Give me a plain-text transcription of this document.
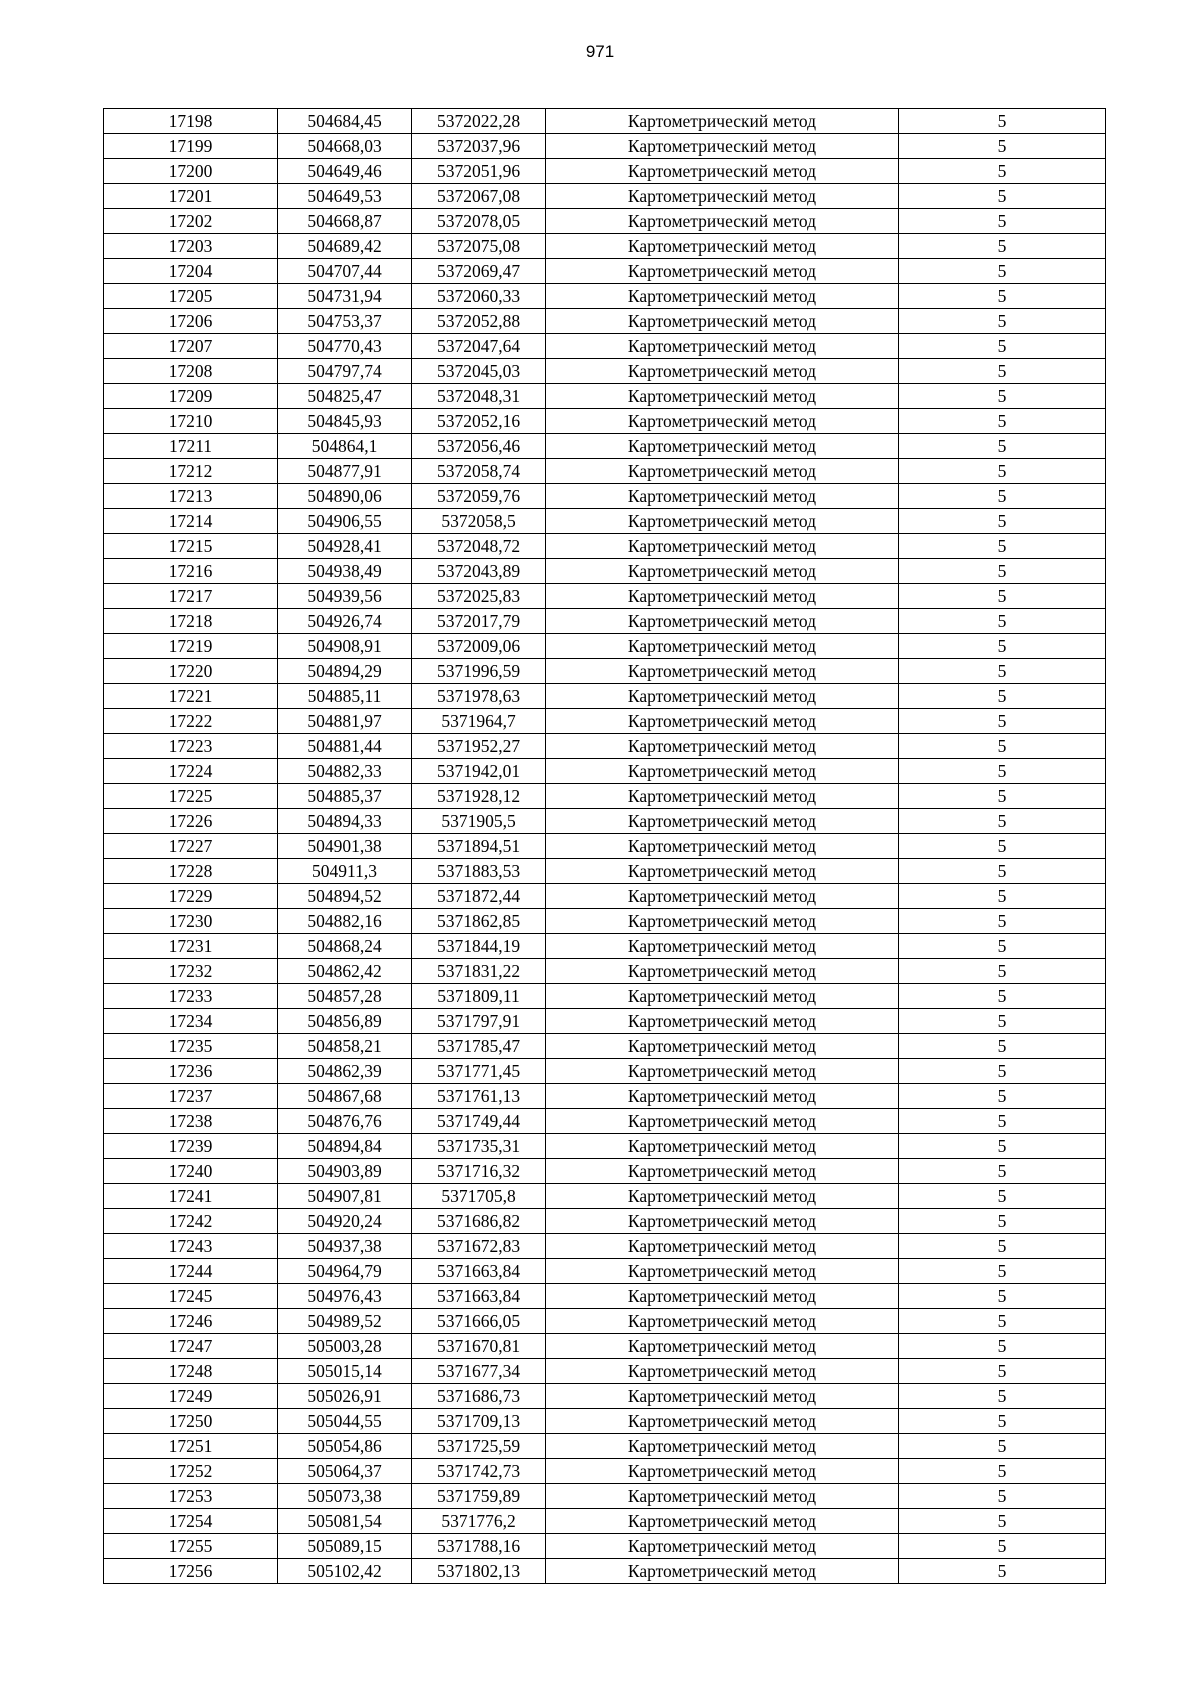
971
17198	504684,45	5372022,28	Картометрический метод	5
17199	504668,03	5372037,96	Картометрический метод	5
17200	504649,46	5372051,96	Картометрический метод	5
17201	504649,53	5372067,08	Картометрический метод	5
17202	504668,87	5372078,05	Картометрический метод	5
17203	504689,42	5372075,08	Картометрический метод	5
17204	504707,44	5372069,47	Картометрический метод	5
17205	504731,94	5372060,33	Картометрический метод	5
17206	504753,37	5372052,88	Картометрический метод	5
17207	504770,43	5372047,64	Картометрический метод	5
17208	504797,74	5372045,03	Картометрический метод	5
17209	504825,47	5372048,31	Картометрический метод	5
17210	504845,93	5372052,16	Картометрический метод	5
17211	504864,1	5372056,46	Картометрический метод	5
17212	504877,91	5372058,74	Картометрический метод	5
17213	504890,06	5372059,76	Картометрический метод	5
17214	504906,55	5372058,5	Картометрический метод	5
17215	504928,41	5372048,72	Картометрический метод	5
17216	504938,49	5372043,89	Картометрический метод	5
17217	504939,56	5372025,83	Картометрический метод	5
17218	504926,74	5372017,79	Картометрический метод	5
17219	504908,91	5372009,06	Картометрический метод	5
17220	504894,29	5371996,59	Картометрический метод	5
17221	504885,11	5371978,63	Картометрический метод	5
17222	504881,97	5371964,7	Картометрический метод	5
17223	504881,44	5371952,27	Картометрический метод	5
17224	504882,33	5371942,01	Картометрический метод	5
17225	504885,37	5371928,12	Картометрический метод	5
17226	504894,33	5371905,5	Картометрический метод	5
17227	504901,38	5371894,51	Картометрический метод	5
17228	504911,3	5371883,53	Картометрический метод	5
17229	504894,52	5371872,44	Картометрический метод	5
17230	504882,16	5371862,85	Картометрический метод	5
17231	504868,24	5371844,19	Картометрический метод	5
17232	504862,42	5371831,22	Картометрический метод	5
17233	504857,28	5371809,11	Картометрический метод	5
17234	504856,89	5371797,91	Картометрический метод	5
17235	504858,21	5371785,47	Картометрический метод	5
17236	504862,39	5371771,45	Картометрический метод	5
17237	504867,68	5371761,13	Картометрический метод	5
17238	504876,76	5371749,44	Картометрический метод	5
17239	504894,84	5371735,31	Картометрический метод	5
17240	504903,89	5371716,32	Картометрический метод	5
17241	504907,81	5371705,8	Картометрический метод	5
17242	504920,24	5371686,82	Картометрический метод	5
17243	504937,38	5371672,83	Картометрический метод	5
17244	504964,79	5371663,84	Картометрический метод	5
17245	504976,43	5371663,84	Картометрический метод	5
17246	504989,52	5371666,05	Картометрический метод	5
17247	505003,28	5371670,81	Картометрический метод	5
17248	505015,14	5371677,34	Картометрический метод	5
17249	505026,91	5371686,73	Картометрический метод	5
17250	505044,55	5371709,13	Картометрический метод	5
17251	505054,86	5371725,59	Картометрический метод	5
17252	505064,37	5371742,73	Картометрический метод	5
17253	505073,38	5371759,89	Картометрический метод	5
17254	505081,54	5371776,2	Картометрический метод	5
17255	505089,15	5371788,16	Картометрический метод	5
17256	505102,42	5371802,13	Картометрический метод	5
